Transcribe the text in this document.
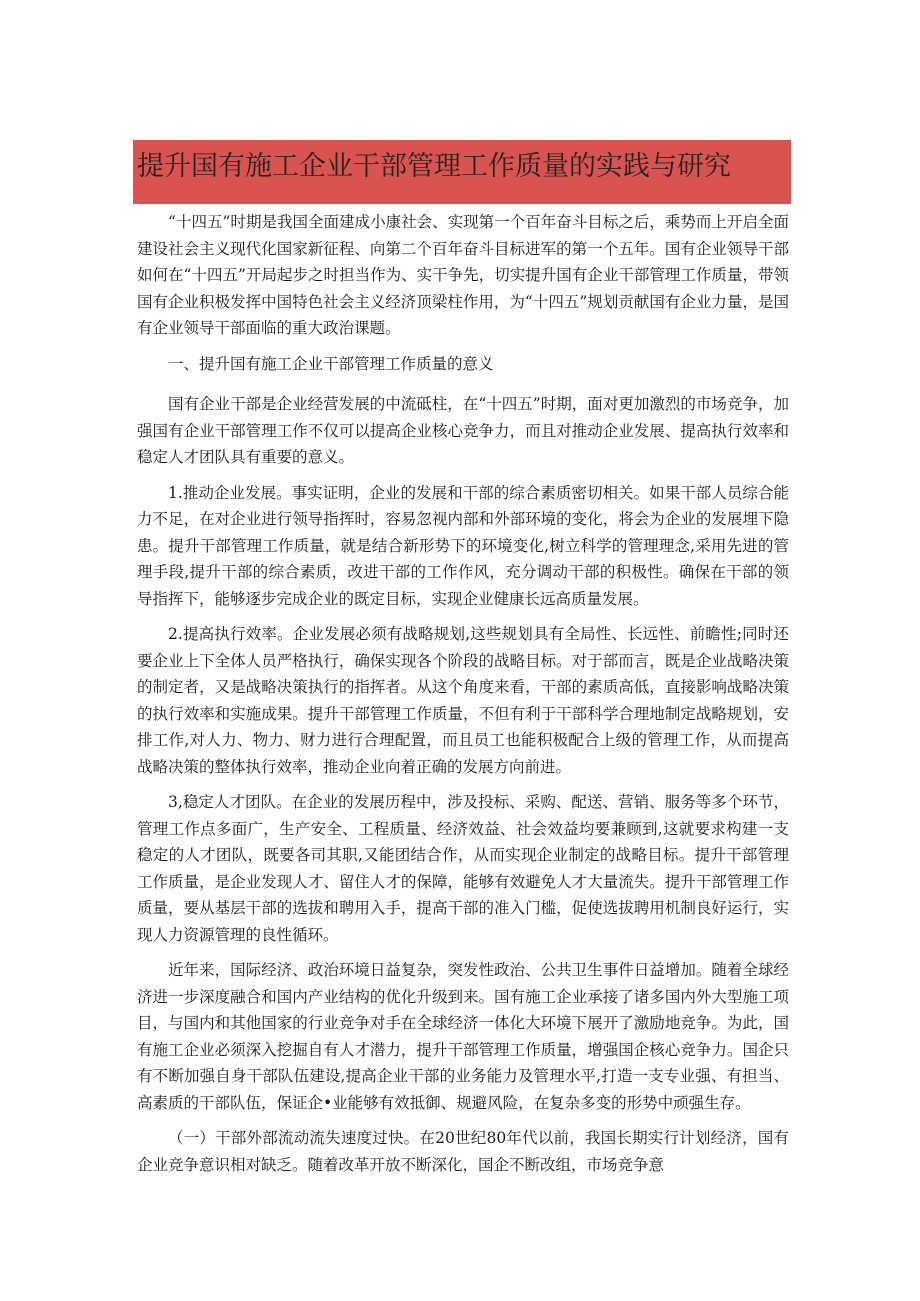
提升国有施工企业干部管理工作质量的实践与研究

“十四五”时期是我国全面建成小康社会、实现第一个百年奋斗目标之后，乘势而上开启全面建设社会主义现代化国家新征程、向第二个百年奋斗目标进军的第一个五年。国有企业领导干部如何在“十四五”开局起步之时担当作为、实干争先，切实提升国有企业干部管理工作质量，带领国有企业积极发挥中国特色社会主义经济顶梁柱作用，为“十四五”规划贡献国有企业力量，是国有企业领导干部面临的重大政治课题。

一、提升国有施工企业干部管理工作质量的意义

国有企业干部是企业经营发展的中流砥柱，在“十四五”时期，面对更加激烈的市场竞争，加强国有企业干部管理工作不仅可以提高企业核心竞争力，而且对推动企业发展、提高执行效率和稳定人才团队具有重要的意义。

1.推动企业发展。事实证明，企业的发展和干部的综合素质密切相关。如果干部人员综合能力不足，在对企业进行领导指挥时，容易忽视内部和外部环境的变化，将会为企业的发展埋下隐患。提升干部管理工作质量，就是结合新形势下的环境变化,树立科学的管理理念,采用先进的管理手段,提升干部的综合素质，改进干部的工作作风，充分调动干部的积极性。确保在干部的领导指挥下，能够逐步完成企业的既定目标，实现企业健康长远高质量发展。

2.提高执行效率。企业发展必须有战略规划,这些规划具有全局性、长远性、前瞻性;同时还要企业上下全体人员严格执行，确保实现各个阶段的战略目标。对于部而言，既是企业战略决策的制定者，又是战略决策执行的指挥者。从这个角度来看，干部的素质高低，直接影响战略决策的执行效率和实施成果。提升干部管理工作质量，不但有利于干部科学合理地制定战略规划，安排工作,对人力、物力、财力进行合理配置，而且员工也能积极配合上级的管理工作，从而提高战略决策的整体执行效率，推动企业向着正确的发展方向前进。

3,稳定人才团队。在企业的发展历程中，涉及投标、采购、配送、营销、服务等多个环节，管理工作点多面广，生产安全、工程质量、经济效益、社会效益均要兼顾到,这就要求构建一支稳定的人才团队，既要各司其职,又能团结合作，从而实现企业制定的战略目标。提升干部管理工作质量，是企业发现人才、留住人才的保障，能够有效避免人才大量流失。提升干部管理工作质量，要从基层干部的选拔和聘用入手，提高干部的准入门槛，促使选拔聘用机制良好运行，实现人力资源管理的良性循环。

近年来，国际经济、政治环境日益复杂，突发性政治、公共卫生事件日益增加。随着全球经济进一步深度融合和国内产业结构的优化升级到来。国有施工企业承接了诸多国内外大型施工项目，与国内和其他国家的行业竞争对手在全球经济一体化大环境下展开了激励地竞争。为此，国有施工企业必须深入挖掘自有人才潜力，提升干部管理工作质量，增强国企核心竞争力。国企只有不断加强自身干部队伍建设,提高企业干部的业务能力及管理水平,打造一支专业强、有担当、高素质的干部队伍，保证企•业能够有效抵御、规避风险，在复杂多变的形势中顽强生存。

（一）干部外部流动流失速度过快。在20世纪80年代以前，我国长期实行计划经济，国有企业竞争意识相对缺乏。随着改革开放不断深化，国企不断改组，市场竞争意
